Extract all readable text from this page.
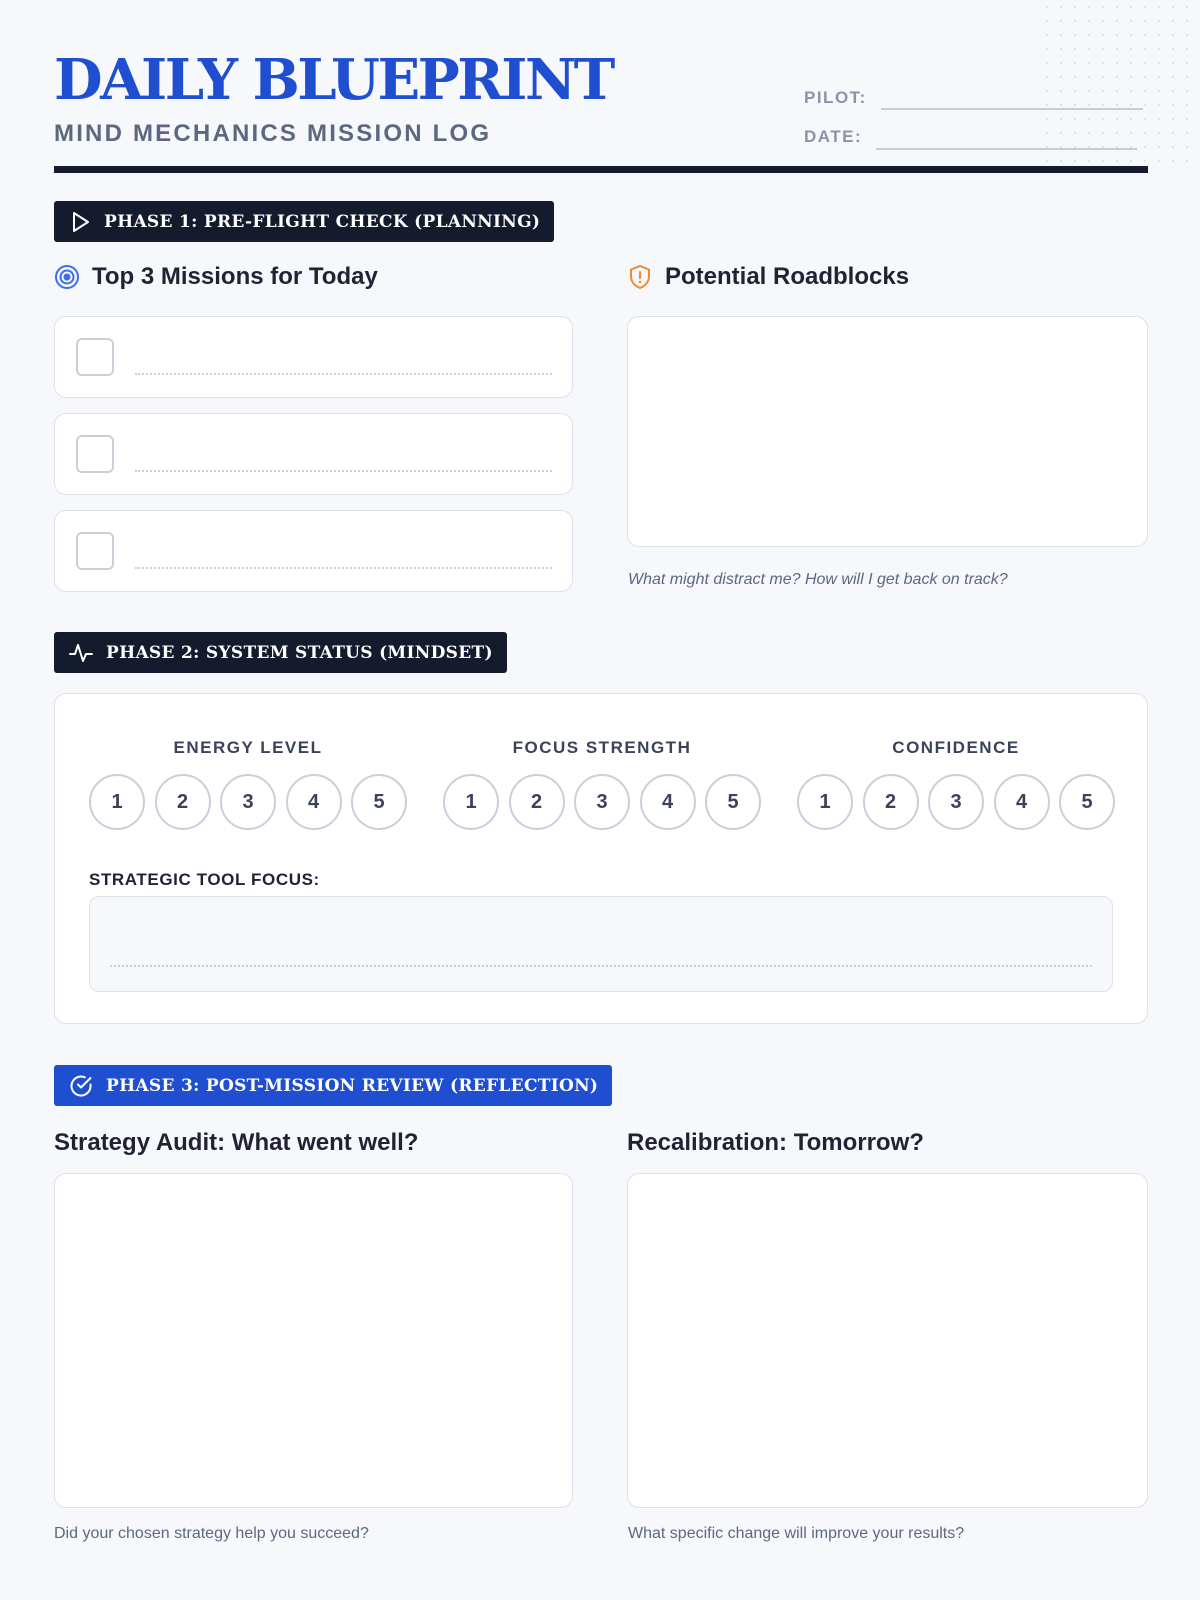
DAILY BLUEPRINT
MIND MECHANICS MISSION LOG
PILOT:
DATE:
PHASE 1: PRE-FLIGHT CHECK (PLANNING)
Top 3 Missions for Today	Potential Roadblocks
What might distract me? How will I get back on track?
PHASE 2: SYSTEM STATUS (MINDSET)
ENERGY LEVEL
1	2	3	4	5
FOCUS STRENGTH
1	2	3	4	5
CONFIDENCE
1	2	3	4	5
STRATEGIC TOOL FOCUS:
PHASE 3: POST-MISSION REVIEW (REFLECTION)
Strategy Audit: What went well?
Did your chosen strategy help you succeed?
Recalibration: Tomorrow?
What specific change will improve your results?
